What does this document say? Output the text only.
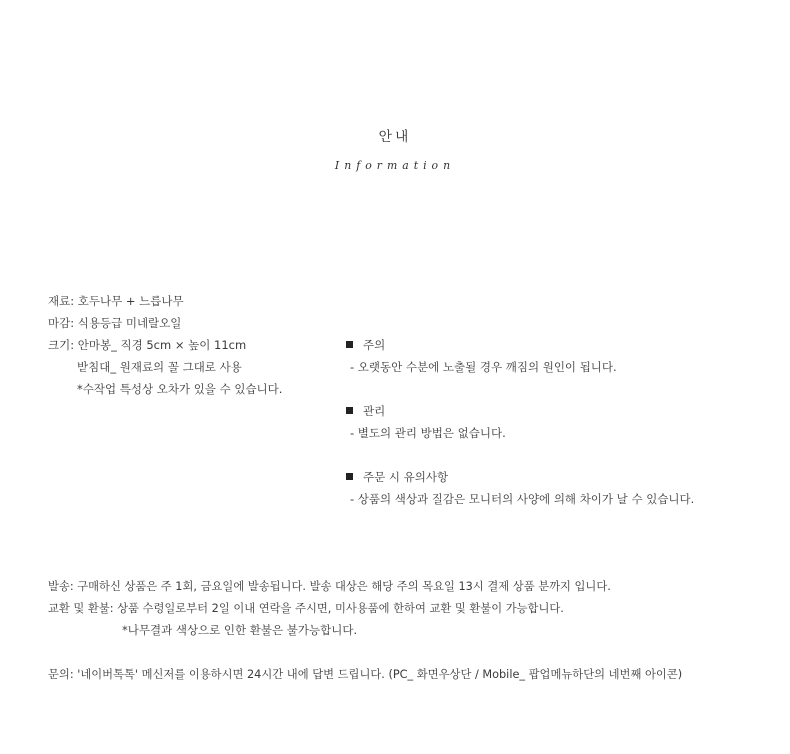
안내
Information
재료: 호두나무 + 느릅나무
마감: 식용등급 미네랄오일
크기: 안마봉_ 직경 5cm × 높이 11cm
받침대_ 원재료의 꼴 그대로 사용
*수작업 특성상 오차가 있을 수 있습니다.
주의
- 오랫동안 수분에 노출될 경우 깨짐의 원인이 됩니다.
관리
- 별도의 관리 방법은 없습니다.
주문 시 유의사항
- 상품의 색상과 질감은 모니터의 사양에 의해 차이가 날 수 있습니다.
발송: 구매하신 상품은 주 1회, 금요일에 발송됩니다. 발송 대상은 해당 주의 목요일 13시 결제 상품 분까지 입니다.
교환 및 환불: 상품 수령일로부터 2일 이내 연락을 주시면, 미사용품에 한하여 교환 및 환불이 가능합니다.
*나무결과 색상으로 인한 환불은 불가능합니다.
문의: '네이버톡톡' 메신저를 이용하시면 24시간 내에 답변 드립니다. (PC_ 화면우상단 / Mobile_ 팝업메뉴하단의 네번째 아이콘)
